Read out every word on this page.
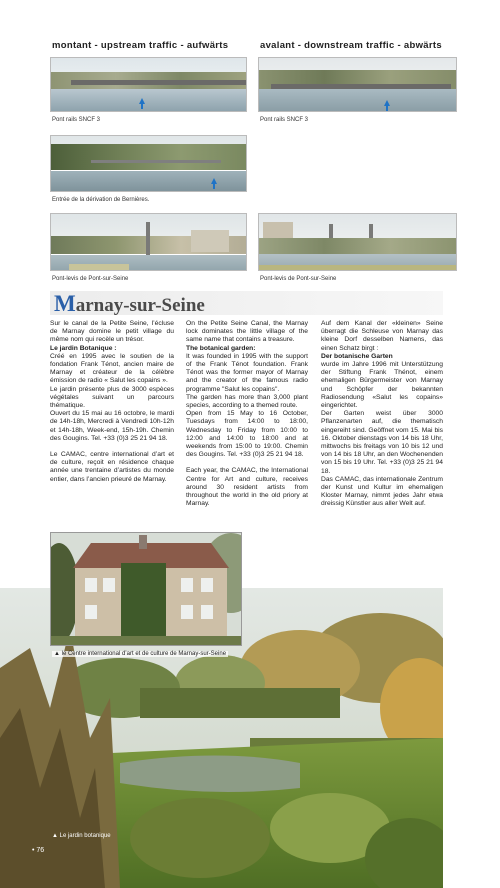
montant - upstream traffic - aufwärts	avalant - downstream traffic - abwärts
Pont rails SNCF 3	Pont rails SNCF 3
Entrée de la dérivation de Bernières.
Pont-levis de Pont-sur-Seine	Pont-levis de Pont-sur-Seine
Marnay-sur-Seine

Sur le canal de la Petite Seine, l’écluse de Marnay domine le petit village du même nom qui recèle un trésor.

Le jardin Botanique :

Créé en 1995 avec le soutien de la fondation Frank Ténot, ancien maire de Marnay et créateur de la célèbre émission de radio « Salut les copains ».

Le jardin présente plus de 3000 espèces végétales suivant un parcours thématique.

Ouvert du 15 mai au 16 octobre, le mardi de 14h-18h, Mercredi à Vendredi 10h-12h et 14h-18h, Week-end, 15h-19h. Chemin des Gougins. Tel. +33 (0)3 25 21 94 18.

Le CAMAC, centre international d’art et de culture, reçoit en résidence chaque année une trentaine d’artistes du monde entier, dans l’ancien prieuré de Marnay.

On the Petite Seine Canal, the Marnay lock dominates the little village of the same name that contains a treasure.

The botanical garden:

It was founded in 1995 with the support of the Frank Ténot foundation. Frank Ténot was the former mayor of Marnay and the creator of the famous radio programme "Salut les copains".

The garden has more than 3,000 plant species, according to a themed route.

Open from 15 May to 16 October, Tuesdays from 14:00 to 18:00, Wednesday to Friday from 10:00 to 12:00 and 14:00 to 18:00 and at weekends from 15:00 to 19:00. Chemin des Gougins. Tel. +33 (0)3 25 21 94 18.

Each year, the CAMAC, the International Centre for Art and culture, receives around 30 resident artists from throughout the world in the old priory at Marnay.

Auf dem Kanal der «kleinen» Seine überragt die Schleuse von Marnay das kleine Dorf desselben Namens, das einen Schatz birgt :

Der botanische Garten

wurde im Jahre 1996 mit Unterstützung der Stiftung Frank Thénot, einem ehemaligen Bürgermeister von Marnay und Schöpfer der bekannten Radiosendung «Salut les copains» eingerichtet.

Der Garten weist über 3000 Pflanzenarten auf, die thematisch eingereiht sind. Geöffnet vom 15. Mai bis 16. Oktober dienstags von 14 bis 18 Uhr, mittwochs bis freitags von 10 bis 12 und von 14 bis 18 Uhr, an den Wochenenden von 15 bis 19 Uhr. Tel. +33 (0)3 25 21 94 18.

Das CAMAC, das internationale Zentrum der Kunst und Kultur im ehemaligen Kloster Marnay, nimmt jedes Jahr etwa dreissig Künstler aus aller Welt auf.

▲ le Centre international d’art et de culture de Marnay-sur-Seine
▲ Le jardin botanique
• 76
